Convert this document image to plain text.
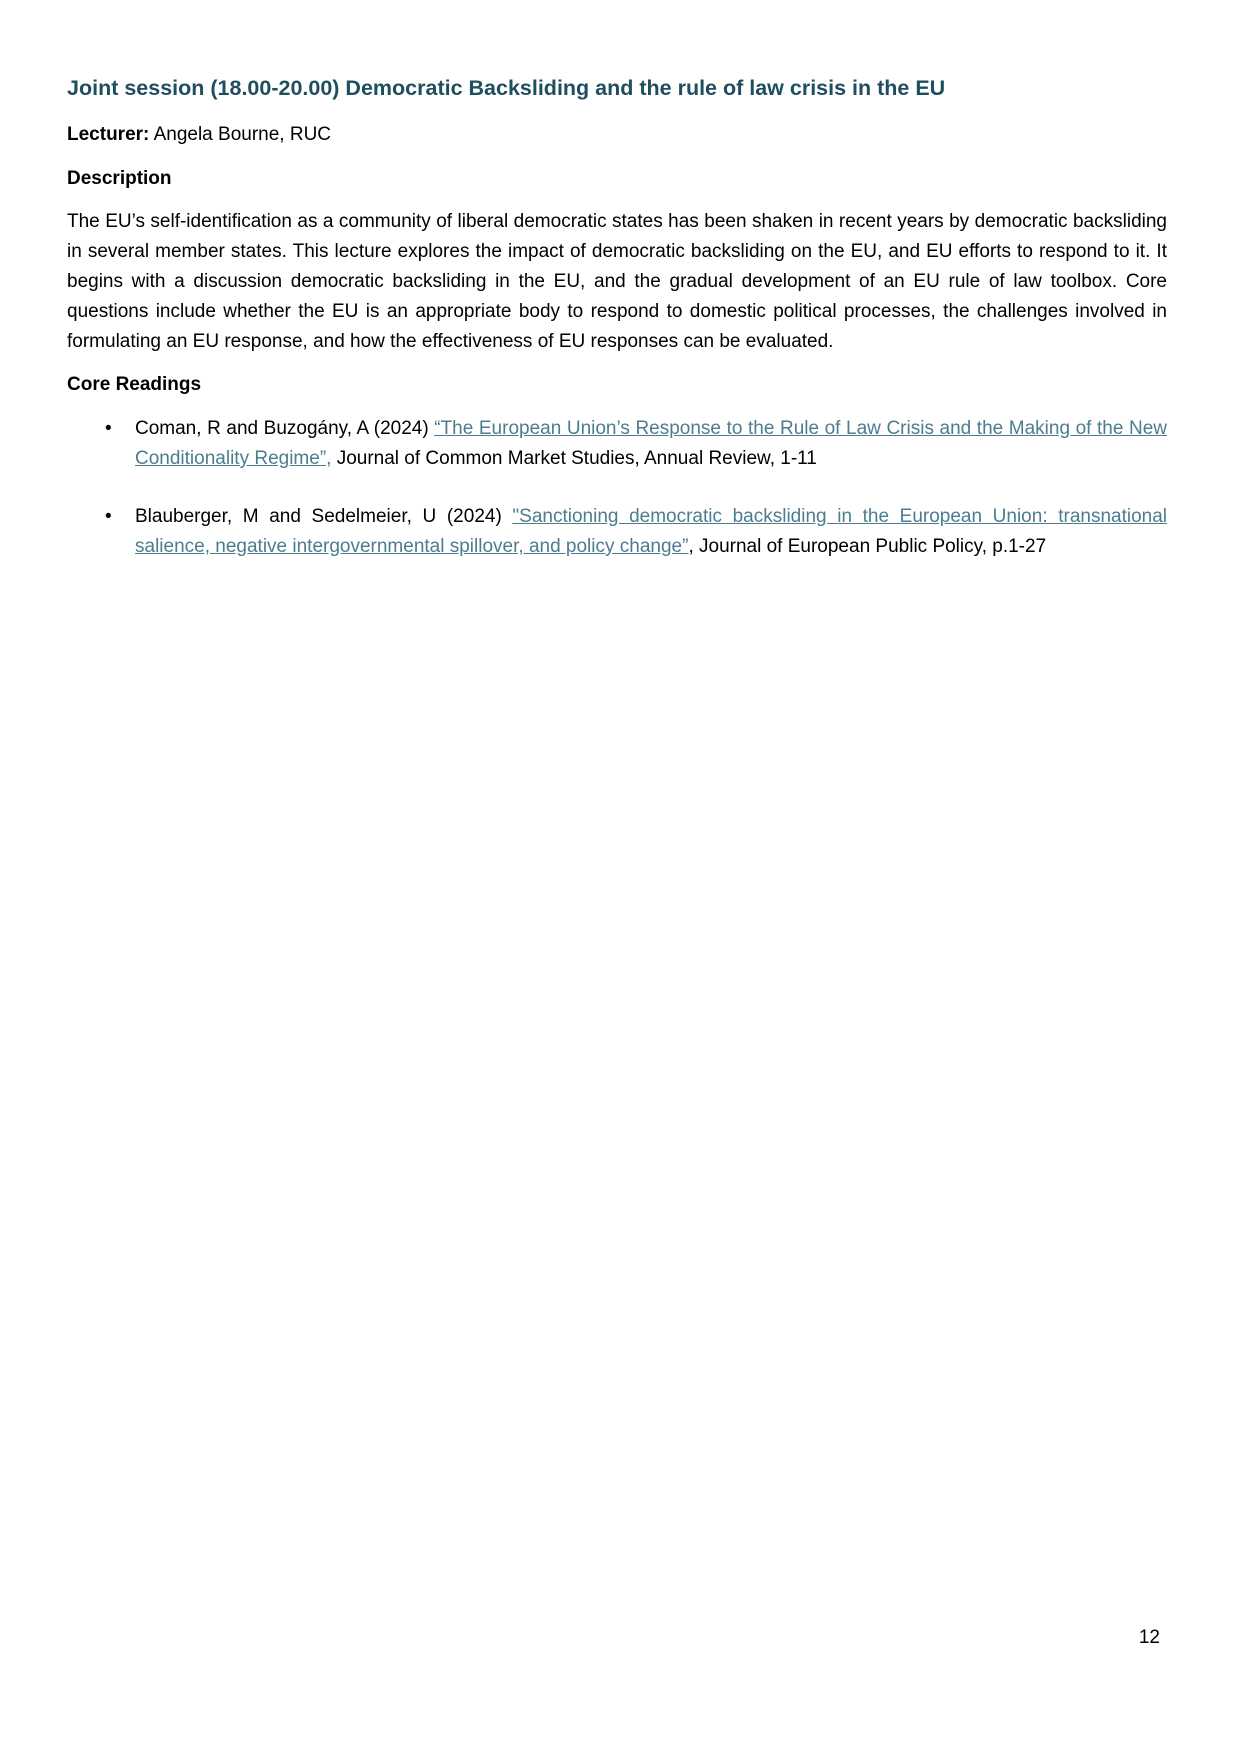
Joint session (18.00-20.00) Democratic Backsliding and the rule of law crisis in the EU

Lecturer: Angela Bourne, RUC

Description

The EU’s self-identification as a community of liberal democratic states has been shaken in recent years by democratic backsliding in several member states. This lecture explores the impact of democratic backsliding on the EU, and EU efforts to respond to it. It begins with a discussion democratic backsliding in the EU, and the gradual development of an EU rule of law toolbox. Core questions include whether the EU is an appropriate body to respond to domestic political processes, the challenges involved in formulating an EU response, and how the effectiveness of EU responses can be evaluated.

Core Readings

• Coman, R and Buzogány, A (2024) “The European Union’s Response to the Rule of Law Crisis and the Making of the New Conditionality Regime”, Journal of Common Market Studies, Annual Review, 1-11
• Blauberger, M and Sedelmeier, U (2024) "Sanctioning democratic backsliding in the European Union: transnational salience, negative intergovernmental spillover, and policy change”, Journal of European Public Policy, p.1-27
12
